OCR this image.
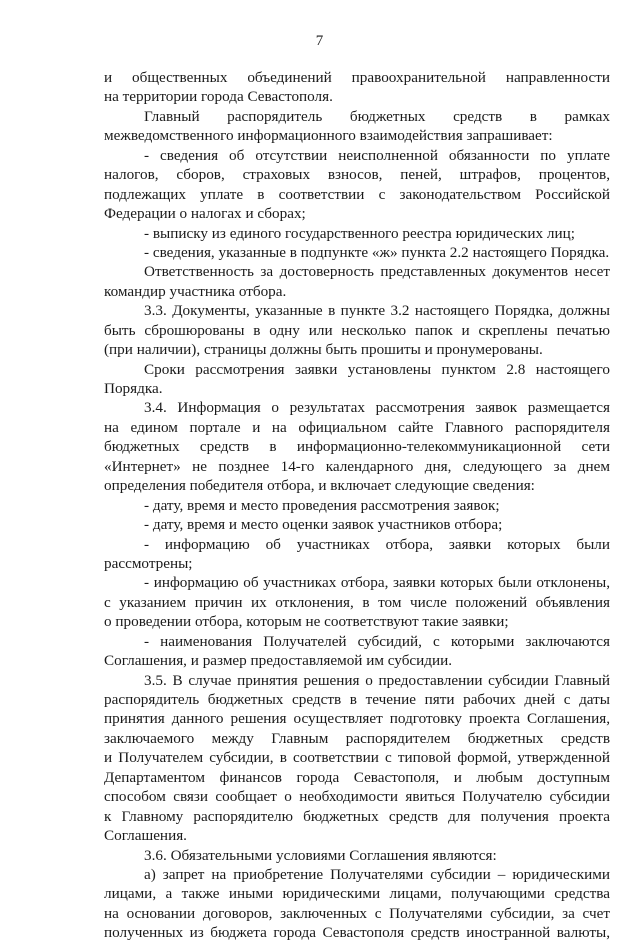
7
и общественных объединений правоохранительной направленности
на территории города Севастополя.
Главный распорядитель бюджетных средств в рамках
межведомственного информационного взаимодействия запрашивает:
- сведения об отсутствии неисполненной обязанности по уплате
налогов, сборов, страховых взносов, пеней, штрафов, процентов,
подлежащих уплате в соответствии с законодательством Российской
Федерации о налогах и сборах;
- выписку из единого государственного реестра юридических лиц;
- сведения, указанные в подпункте «ж» пункта 2.2 настоящего Порядка.
Ответственность за достоверность представленных документов несет
командир участника отбора.
3.3. Документы, указанные в пункте 3.2 настоящего Порядка, должны
быть сброшюрованы в одну или несколько папок и скреплены печатью
(при наличии), страницы должны быть прошиты и пронумерованы.
Сроки рассмотрения заявки установлены пунктом 2.8 настоящего
Порядка.
3.4. Информация о результатах рассмотрения заявок размещается
на едином портале и на официальном сайте Главного распорядителя
бюджетных средств в информационно-телекоммуникационной сети
«Интернет» не позднее 14-го календарного дня, следующего за днем
определения победителя отбора, и включает следующие сведения:
- дату, время и место проведения рассмотрения заявок;
- дату, время и место оценки заявок участников отбора;
- информацию об участниках отбора, заявки которых были
рассмотрены;
- информацию об участниках отбора, заявки которых были отклонены,
с указанием причин их отклонения, в том числе положений объявления
о проведении отбора, которым не соответствуют такие заявки;
- наименования Получателей субсидий, с которыми заключаются
Соглашения, и размер предоставляемой им субсидии.
3.5. В случае принятия решения о предоставлении субсидии Главный
распорядитель бюджетных средств в течение пяти рабочих дней с даты
принятия данного решения осуществляет подготовку проекта Соглашения,
заключаемого между Главным распорядителем бюджетных средств
и Получателем субсидии, в соответствии с типовой формой, утвержденной
Департаментом финансов города Севастополя, и любым доступным
способом связи сообщает о необходимости явиться Получателю субсидии
к Главному распорядителю бюджетных средств для получения проекта
Соглашения.
3.6. Обязательными условиями Соглашения являются:
а) запрет на приобретение Получателями субсидии – юридическими
лицами, а также иными юридическими лицами, получающими средства
на основании договоров, заключенных с Получателями субсидии, за счет
полученных из бюджета города Севастополя средств иностранной валюты,
